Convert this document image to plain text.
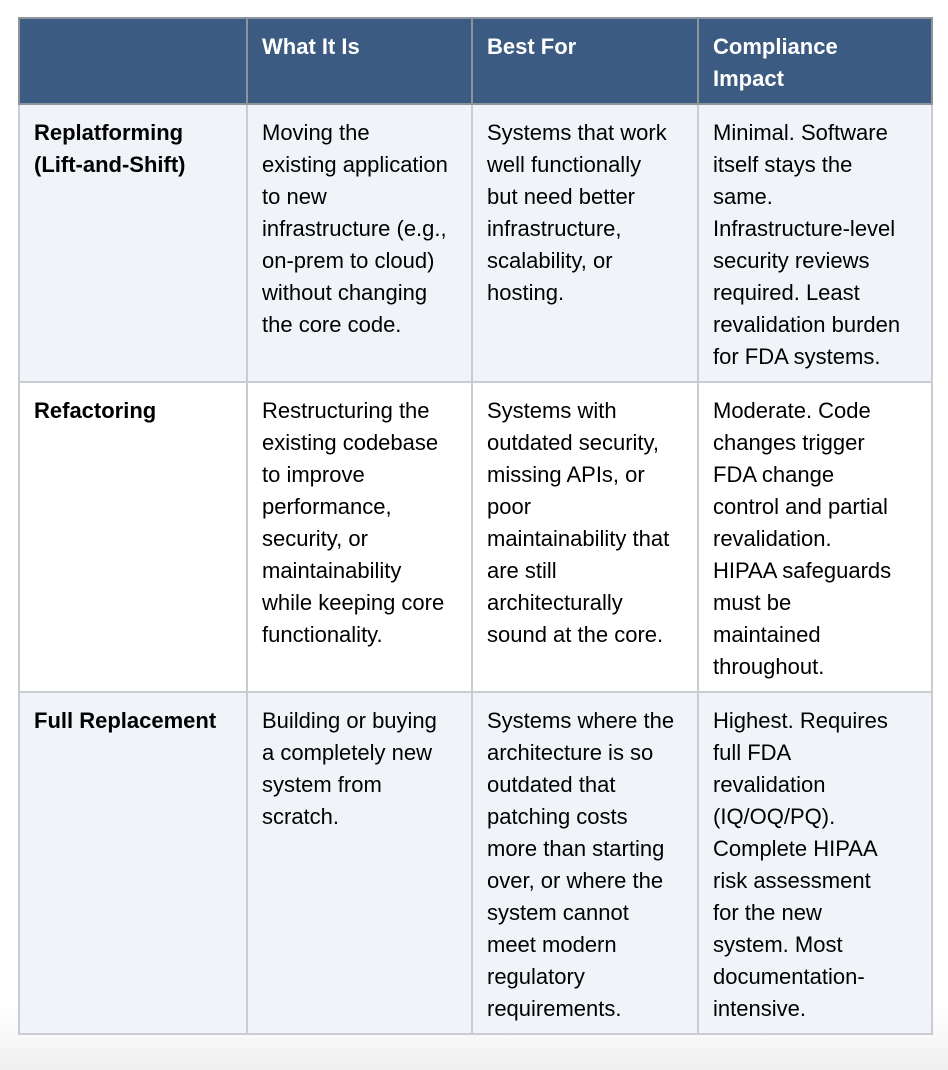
	What It Is	Best For	Compliance Impact
Replatforming (Lift-and-Shift)	Moving the existing application to new infrastructure (e.g., on-prem to cloud) without changing the core code.	Systems that work well functionally but need better infrastructure, scalability, or hosting.	Minimal. Software itself stays the same. Infrastructure-level security reviews required. Least revalidation burden for FDA systems.
Refactoring	Restructuring the existing codebase to improve performance, security, or maintainability while keeping core functionality.	Systems with outdated security, missing APIs, or poor maintainability that are still architecturally sound at the core.	Moderate. Code changes trigger FDA change control and partial revalidation. HIPAA safeguards must be maintained throughout.
Full Replacement	Building or buying a completely new system from scratch.	Systems where the architecture is so outdated that patching costs more than starting over, or where the system cannot meet modern regulatory requirements.	Highest. Requires full FDA revalidation (IQ/OQ/PQ). Complete HIPAA risk assessment for the new system. Most documentation-intensive.
